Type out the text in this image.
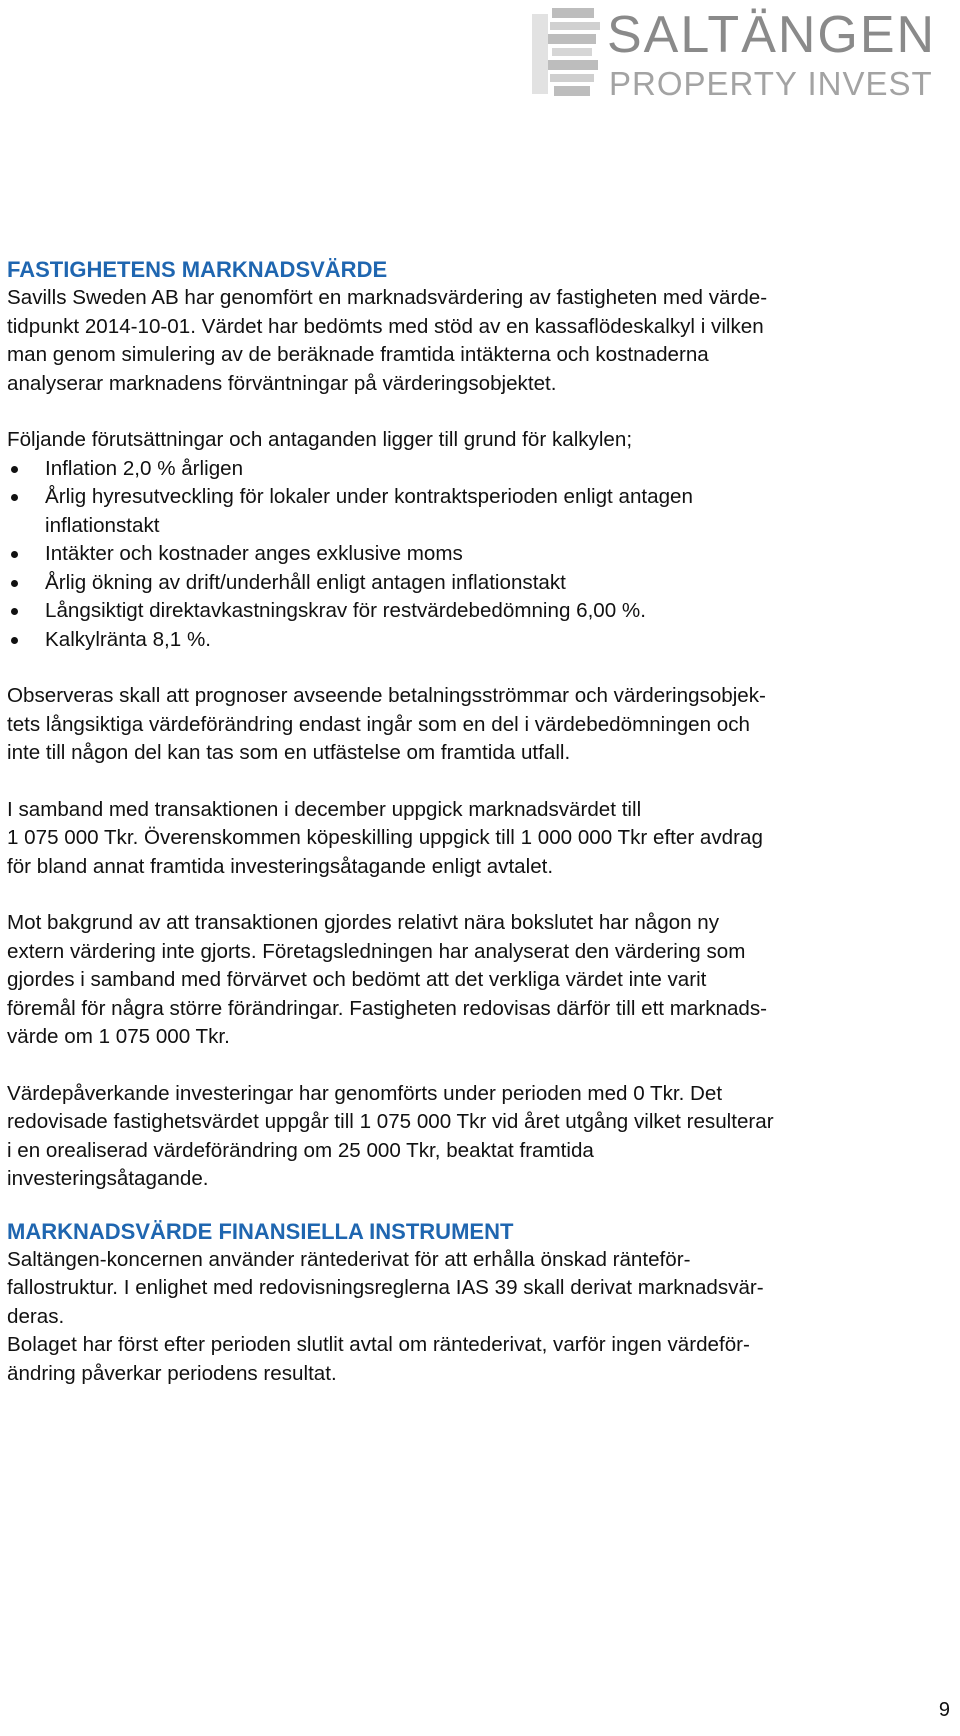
SALTÄNGEN
PROPERTY INVEST
FASTIGHETENS MARKNADSVÄRDE

Savills Sweden AB har genomfört en marknadsvärdering av fastigheten med värde-
tidpunkt 2014-10-01. Värdet har bedömts med stöd av en kassaflödeskalkyl i vilken
man genom simulering av de beräknade framtida intäkterna och kostnaderna
analyserar marknadens förväntningar på värderingsobjektet.

Följande förutsättningar och antaganden ligger till grund för kalkylen;

Inflation 2,0 % årligen
Årlig hyresutveckling för lokaler under kontraktsperioden enligt antagen
inflationstakt
Intäkter och kostnader anges exklusive moms
Årlig ökning av drift/underhåll enligt antagen inflationstakt
Långsiktigt direktavkastningskrav för restvärdebedömning 6,00 %.
Kalkylränta 8,1 %.

Observeras skall att prognoser avseende betalningsströmmar och värderingsobjek-
tets långsiktiga värdeförändring endast ingår som en del i värdebedömningen och
inte till någon del kan tas som en utfästelse om framtida utfall.

I samband med transaktionen i december uppgick marknadsvärdet till
1 075 000 Tkr. Överenskommen köpeskilling uppgick till 1 000 000 Tkr efter avdrag
för bland annat framtida investeringsåtagande enligt avtalet.

Mot bakgrund av att transaktionen gjordes relativt nära bokslutet har någon ny
extern värdering inte gjorts. Företagsledningen har analyserat den värdering som
gjordes i samband med förvärvet och bedömt att det verkliga värdet inte varit
föremål för några större förändringar. Fastigheten redovisas därför till ett marknads-
värde om 1 075 000 Tkr.

Värdepåverkande investeringar har genomförts under perioden med 0 Tkr. Det
redovisade fastighetsvärdet uppgår till 1 075 000 Tkr vid året utgång vilket resulterar
i en orealiserad värdeförändring om 25 000 Tkr, beaktat framtida
investeringsåtagande.

MARKNADSVÄRDE FINANSIELLA INSTRUMENT

Saltängen-koncernen använder räntederivat för att erhålla önskad ränteför-
fallostruktur. I enlighet med redovisningsreglerna IAS 39 skall derivat marknadsvär-
deras.

Bolaget har först efter perioden slutlit avtal om räntederivat, varför ingen värdeför-
ändring påverkar periodens resultat.

9
